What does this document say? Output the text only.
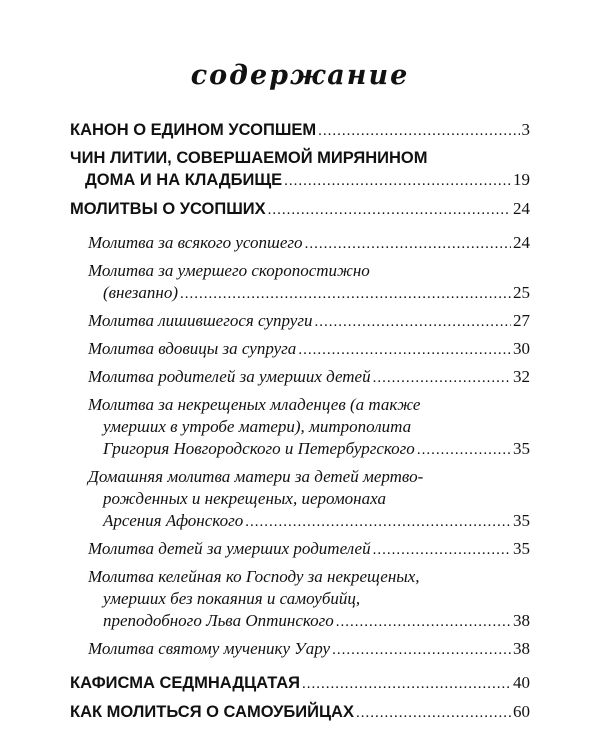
содержание
КАНОН О ЕДИНОМ УСОПШЕМ .....	3
ЧИН ЛИТИИ, СОВЕРШАЕМОЙ МИРЯНИНОМ
ДОМА И НА КЛАДБИЩЕ .....	19
МОЛИТВЫ О УСОПШИХ .....	24
Молитва за всякого усопшего .....	24
Молитва за умершего скоропостижно
(внезапно) .....	25
Молитва лишившегося супруги .....	27
Молитва вдовицы за супруга .....	30
Молитва родителей за умерших детей .....	32
Молитва за некрещеных младенцев (а также
умерших в утробе матери), митрополита
Григория Новгородского и Петербургского .....	35
Домашняя молитва матери за детей мертво-
рожденных и некрещеных, иеромонаха
Арсения Афонского .....	35
Молитва детей за умерших родителей .....	35
Молитва келейная ко Господу за некрещеных,
умерших без покаяния и самоубийц,
преподобного Льва Оптинского .....	38
Молитва святому мученику Уару .....	38
КАФИСМА СЕДМНАДЦАТАЯ .....	40
КАК МОЛИТЬСЯ О САМОУБИЙЦАХ .....	60
